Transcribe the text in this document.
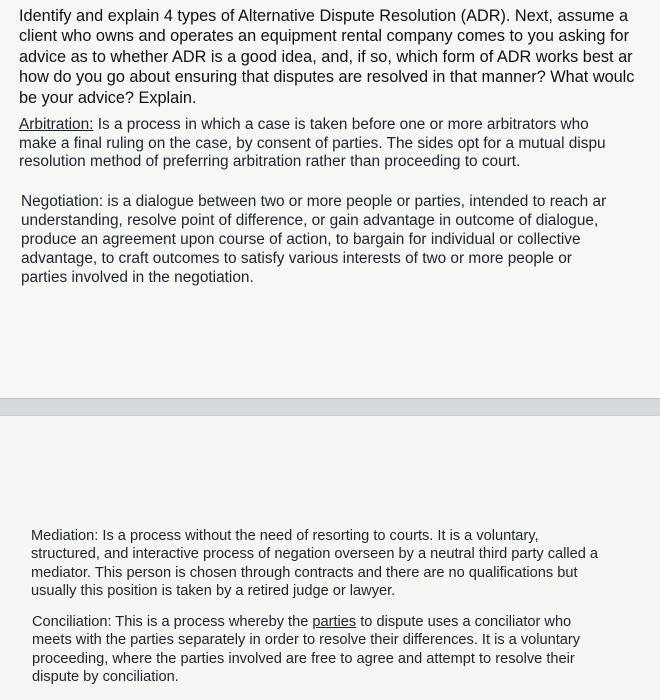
Identify and explain 4 types of Alternative Dispute Resolution (ADR). Next, assume a
client who owns and operates an equipment rental company comes to you asking for
advice as to whether ADR is a good idea, and, if so, which form of ADR works best ar
how do you go about ensuring that disputes are resolved in that manner? What woulc
be your advice? Explain.
Arbitration: Is a process in which a case is taken before one or more arbitrators who
make a final ruling on the case, by consent of parties. The sides opt for a mutual dispu
resolution method of preferring arbitration rather than proceeding to court.
Negotiation: is a dialogue between two or more people or parties, intended to reach ar
understanding, resolve point of difference, or gain advantage in outcome of dialogue,
produce an agreement upon course of action, to bargain for individual or collective
advantage, to craft outcomes to satisfy various interests of two or more people or
parties involved in the negotiation.
Mediation: Is a process without the need of resorting to courts. It is a voluntary,
structured, and interactive process of negation overseen by a neutral third party called a
mediator. This person is chosen through contracts and there are no qualifications but
usually this position is taken by a retired judge or lawyer.
Conciliation: This is a process whereby the parties to dispute uses a conciliator who
meets with the parties separately in order to resolve their differences. It is a voluntary
proceeding, where the parties involved are free to agree and attempt to resolve their
dispute by conciliation.
